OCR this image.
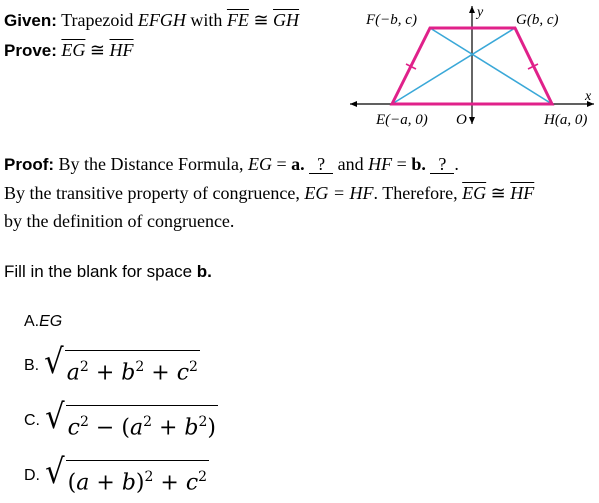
Given: Trapezoid EFGH with $\overline{FE}$ ≅ $\overline{GH}$
Prove: $\overline{EG}$ ≅ $\overline{HF}$
F(−b, c)	G(b, c)
E(−a, 0)	H(a, 0)
O
x
y
Proof: By the Distance Formula, EG = a. ? and HF = b. ? .
By the transitive property of congruence, EG = HF. Therefore, $\overline{EG}$ ≅ $\overline{HF}$
by the definition of congruence.
Fill in the blank for space b.
A.EG
B. √ $a^2 + b^2 + c^2$
C. √ $c^2 - (a^2 + b^2)$
D. √ $(a + b)^2 + c^2$
